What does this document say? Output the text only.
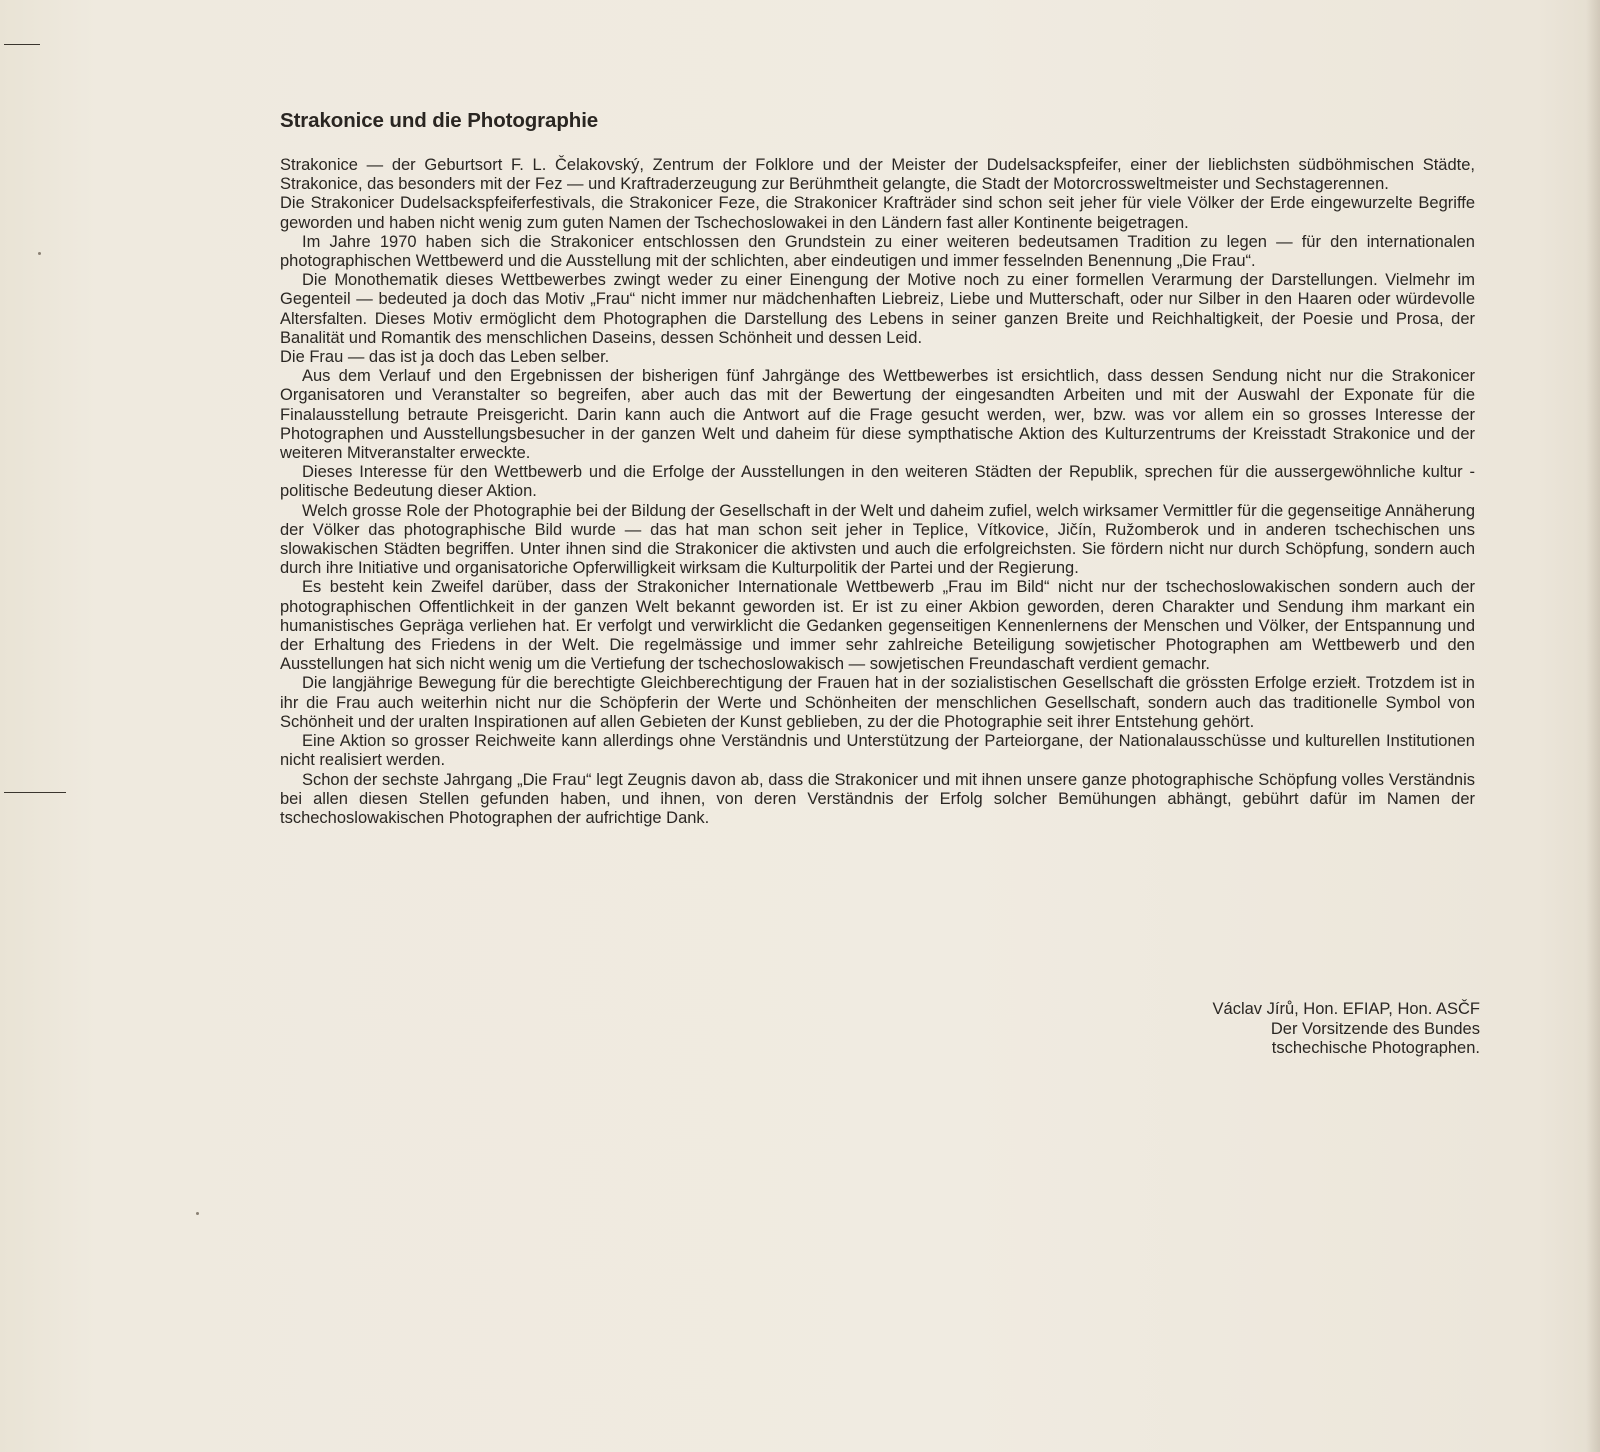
Strakonice und die Photographie

Strakonice — der Geburtsort F. L. Čelakovský, Zentrum der Folklore und der Meister der Dudelsackspfeifer, einer der lieblichsten südböhmischen Städte, Strakonice, das besonders mit der Fez — und Kraftraderzeugung zur Berühmtheit gelangte, die Stadt der Motorcrossweltmeister und Sechstagerennen.

Die Strakonicer Dudelsackspfeiferfestivals, die Strakonicer Feze, die Strakonicer Krafträder sind schon seit jeher für viele Völker der Erde eingewurzelte Begriffe geworden und haben nicht wenig zum guten Namen der Tschechoslowakei in den Ländern fast aller Kontinente beigetragen.

Im Jahre 1970 haben sich die Strakonicer entschlossen den Grundstein zu einer weiteren bedeutsamen Tradition zu legen — für den internationalen photographischen Wettbewerd und die Ausstellung mit der schlichten, aber eindeutigen und immer fesselnden Benennung „Die Frau“.

Die Monothematik dieses Wettbewerbes zwingt weder zu einer Einengung der Motive noch zu einer formellen Verarmung der Darstellungen. Vielmehr im Gegenteil — bedeuted ja doch das Motiv „Frau“ nicht immer nur mädchenhaften Liebreiz, Liebe und Mutterschaft, oder nur Silber in den Haaren oder würdevolle Altersfalten. Dieses Motiv ermöglicht dem Photographen die Darstellung des Lebens in seiner ganzen Breite und Reichhaltigkeit, der Poesie und Prosa, der Banalität und Romantik des menschlichen Daseins, dessen Schönheit und dessen Leid.

Die Frau — das ist ja doch das Leben selber.

Aus dem Verlauf und den Ergebnissen der bisherigen fünf Jahrgänge des Wettbewerbes ist ersichtlich, dass dessen Sendung nicht nur die Strakonicer Organisatoren und Veranstalter so begreifen, aber auch das mit der Bewertung der eingesandten Arbeiten und mit der Auswahl der Exponate für die Finalausstellung betraute Preisgericht. Darin kann auch die Antwort auf die Frage gesucht werden, wer, bzw. was vor allem ein so grosses Interesse der Photographen und Ausstellungsbesucher in der ganzen Welt und daheim für diese sympthatische Aktion des Kulturzentrums der Kreisstadt Strakonice und der weiteren Mitveranstalter erweckte.

Dieses Interesse für den Wettbewerb und die Erfolge der Ausstellungen in den weiteren Städten der Republik, sprechen für die aussergewöhnliche kultur - politische Bedeutung dieser Aktion.

Welch grosse Role der Photographie bei der Bildung der Gesellschaft in der Welt und daheim zufiel, welch wirksamer Vermittler für die gegenseitige Annäherung der Völker das photographische Bild wurde — das hat man schon seit jeher in Teplice, Vítkovice, Jičín, Ružomberok und in anderen tschechischen uns slowakischen Städten begriffen. Unter ihnen sind die Strakonicer die aktivsten und auch die erfolgreichsten. Sie fördern nicht nur durch Schöpfung, sondern auch durch ihre Initiative und organisatoriche Opferwilligkeit wirksam die Kulturpolitik der Partei und der Regierung.

Es besteht kein Zweifel darüber, dass der Strakonicher Internationale Wettbewerb „Frau im Bild“ nicht nur der tschechoslowakischen sondern auch der photographischen Offentlichkeit in der ganzen Welt bekannt geworden ist. Er ist zu einer Akbion geworden, deren Charakter und Sendung ihm markant ein humanistisches Gepräga verliehen hat. Er verfolgt und verwirklicht die Gedanken gegenseitigen Kennenlernens der Menschen und Völker, der Entspannung und der Erhaltung des Friedens in der Welt. Die regelmässige und immer sehr zahlreiche Beteiligung sowjetischer Photographen am Wettbewerb und den Ausstellungen hat sich nicht wenig um die Vertiefung der tschechoslowakisch — sowjetischen Freundaschaft verdient gemachr.

Die langjährige Bewegung für die berechtigte Gleichberechtigung der Frauen hat in der sozialistischen Gesellschaft die grössten Erfolge erziełt. Trotzdem ist in ihr die Frau auch weiterhin nicht nur die Schöpferin der Werte und Schönheiten der menschlichen Gesellschaft, sondern auch das traditionelle Symbol von Schönheit und der uralten Inspirationen auf allen Gebieten der Kunst geblieben, zu der die Photographie seit ihrer Entstehung gehört.

Eine Aktion so grosser Reichweite kann allerdings ohne Verständnis und Unterstützung der Parteiorgane, der Nationalausschüsse und kulturellen Institutionen nicht realisiert werden.

Schon der sechste Jahrgang „Die Frau“ legt Zeugnis davon ab, dass die Strakonicer und mit ihnen unsere ganze photographische Schöpfung volles Verständnis bei allen diesen Stellen gefunden haben, und ihnen, von deren Verständnis der Erfolg solcher Bemühungen abhängt, gebührt dafür im Namen der tschechoslowakischen Photographen der aufrichtige Dank.

Václav Jírů, Hon. EFIAP, Hon. ASČF
Der Vorsitzende des Bundes
tschechische Photographen.
